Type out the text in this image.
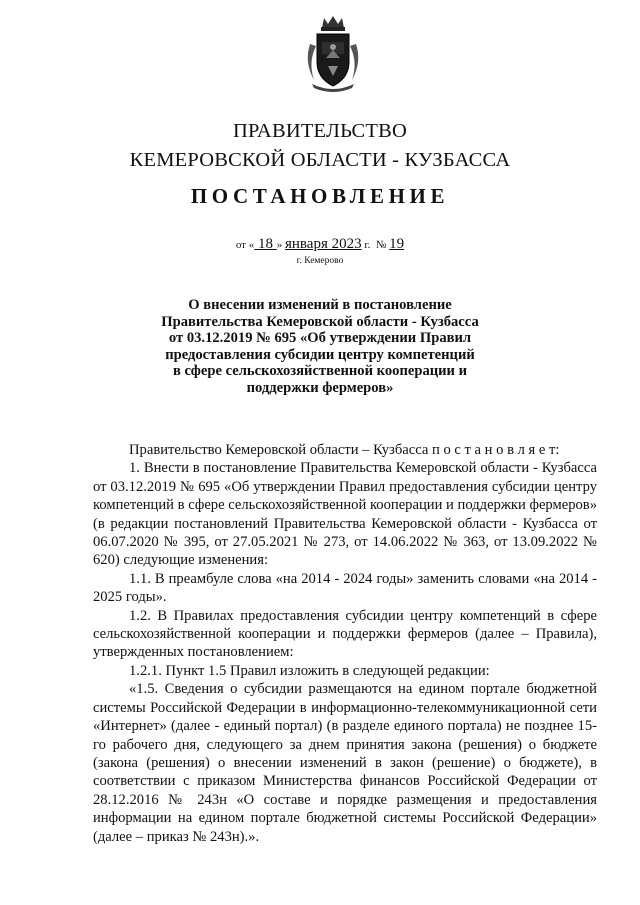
ПРАВИТЕЛЬСТВО
КЕМЕРОВСКОЙ ОБЛАСТИ - КУЗБАССА
ПОСТАНОВЛЕНИЕ
от « 18 » января 2023 г. № 19
г. Кемерово
О внесении изменений в постановление
Правительства Кемеровской области - Кузбасса
от 03.12.2019 № 695 «Об утверждении Правил
предоставления субсидии центру компетенций
в сфере сельскохозяйственной кооперации и
поддержки фермеров»

Правительство Кемеровской области – Кузбасса п о с т а н о в л я е т:

1. Внести в постановление Правительства Кемеровской области - Кузбасса от 03.12.2019 № 695 «Об утверждении Правил предоставления субсидии центру компетенций в сфере сельскохозяйственной кооперации и поддержки фермеров» (в редакции постановлений Правительства Кемеровской области - Кузбасса от 06.07.2020 № 395, от 27.05.2021 № 273, от 14.06.2022 № 363, от 13.09.2022 № 620) следующие изменения:

1.1. В преамбуле слова «на 2014 - 2024 годы» заменить словами «на 2014 - 2025 годы».

1.2. В Правилах предоставления субсидии центру компетенций в сфере сельскохозяйственной кооперации и поддержки фермеров (далее – Правила), утвержденных постановлением:

1.2.1. Пункт 1.5 Правил изложить в следующей редакции:

«1.5. Сведения о субсидии размещаются на едином портале бюджетной системы Российской Федерации в информационно-телекоммуникационной сети «Интернет» (далее - единый портал) (в разделе единого портала) не позднее 15-го рабочего дня, следующего за днем принятия закона (решения) о бюджете (закона (решения) о внесении изменений в закон (решение) о бюджете), в соответствии с приказом Министерства финансов Российской Федерации от 28.12.2016 № 243н «О составе и порядке размещения и предоставления информации на едином портале бюджетной системы Российской Федерации» (далее – приказ № 243н).».
